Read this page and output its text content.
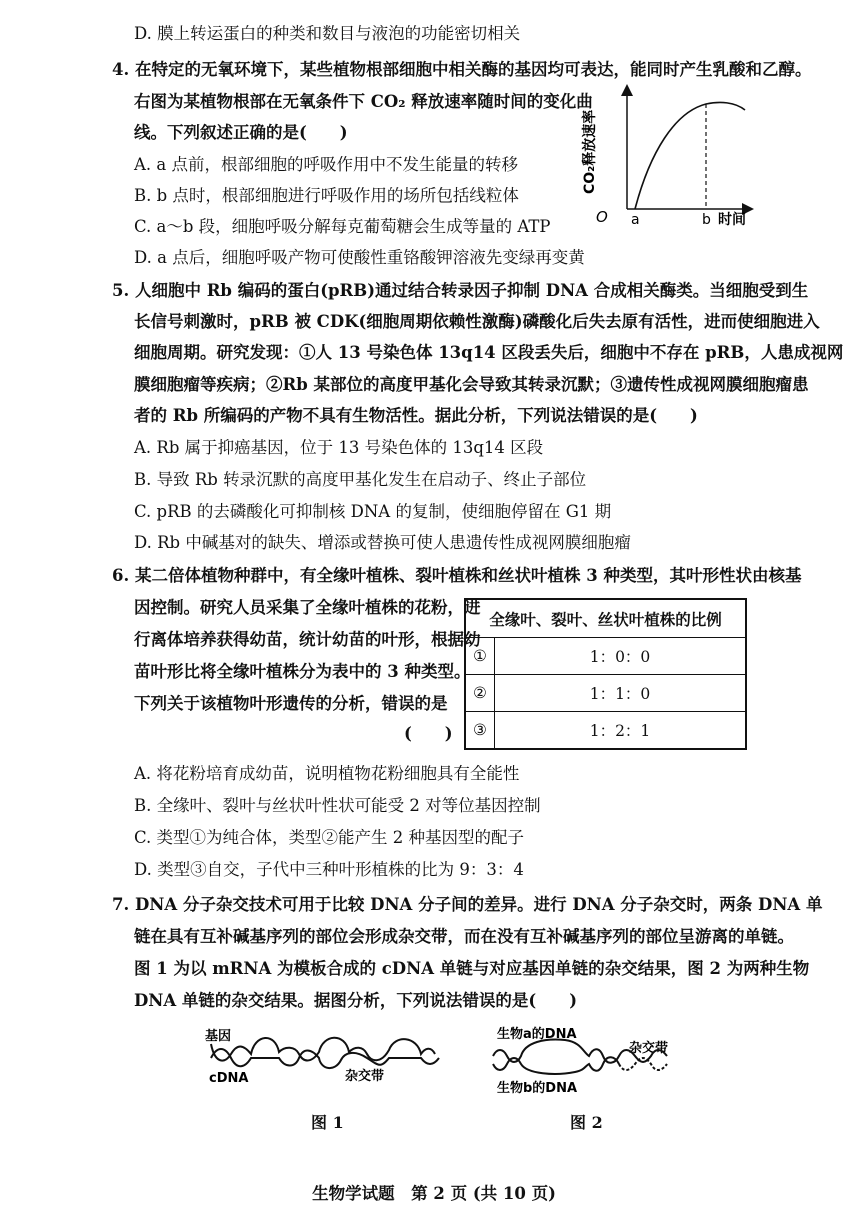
D. 膜上转运蛋白的种类和数目与液泡的功能密切相关
4. 在特定的无氧环境下，某些植物根部细胞中相关酶的基因均可表达，能同时产生乳酸和乙醇。
右图为某植物根部在无氧条件下 CO₂ 释放速率随时间的变化曲
线。下列叙述正确的是(　　)
A. a 点前，根部细胞的呼吸作用中不发生能量的转移
B. b 点时，根部细胞进行呼吸作用的场所包括线粒体
C. a～b 段，细胞呼吸分解每克葡萄糖会生成等量的 ATP
D. a 点后，细胞呼吸产物可使酸性重铬酸钾溶液先变绿再变黄
CO₂释放速率
O a	b 时间
5. 人细胞中 Rb 编码的蛋白(pRB)通过结合转录因子抑制 DNA 合成相关酶类。当细胞受到生
长信号刺激时，pRB 被 CDK(细胞周期依赖性激酶)磷酸化后失去原有活性，进而使细胞进入
细胞周期。研究发现：①人 13 号染色体 13q14 区段丢失后，细胞中不存在 pRB，人患成视网
膜细胞瘤等疾病；②Rb 某部位的高度甲基化会导致其转录沉默；③遗传性成视网膜细胞瘤患
者的 Rb 所编码的产物不具有生物活性。据此分析，下列说法错误的是(　　)
A. Rb 属于抑癌基因，位于 13 号染色体的 13q14 区段
B. 导致 Rb 转录沉默的高度甲基化发生在启动子、终止子部位
C. pRB 的去磷酸化可抑制核 DNA 的复制，使细胞停留在 G1 期
D. Rb 中碱基对的缺失、增添或替换可使人患遗传性成视网膜细胞瘤
6. 某二倍体植物种群中，有全缘叶植株、裂叶植株和丝状叶植株 3 种类型，其叶形性状由核基
因控制。研究人员采集了全缘叶植株的花粉，进
行离体培养获得幼苗，统计幼苗的叶形，根据幼
苗叶形比将全缘叶植株分为表中的 3 种类型。
下列关于该植物叶形遗传的分析，错误的是
(　　)
全缘叶、裂叶、丝状叶植株的比例	
①	1：0：0
②	1：1：0
③	1：2：1
A. 将花粉培育成幼苗，说明植物花粉细胞具有全能性
B. 全缘叶、裂叶与丝状叶性状可能受 2 对等位基因控制
C. 类型①为纯合体，类型②能产生 2 种基因型的配子
D. 类型③自交，子代中三种叶形植株的比为 9：3：4
7. DNA 分子杂交技术可用于比较 DNA 分子间的差异。进行 DNA 分子杂交时，两条 DNA 单
链在具有互补碱基序列的部位会形成杂交带，而在没有互补碱基序列的部位呈游离的单链。
图 1 为以 mRNA 为模板合成的 cDNA 单链与对应基因单链的杂交结果，图 2 为两种生物
DNA 单链的杂交结果。据图分析，下列说法错误的是(　　)
基因
cDNA	杂交带
图 1
生物a的DNA
生物b的DNA
杂交带
图 2
生物学试题　第 2 页 (共 10 页)
